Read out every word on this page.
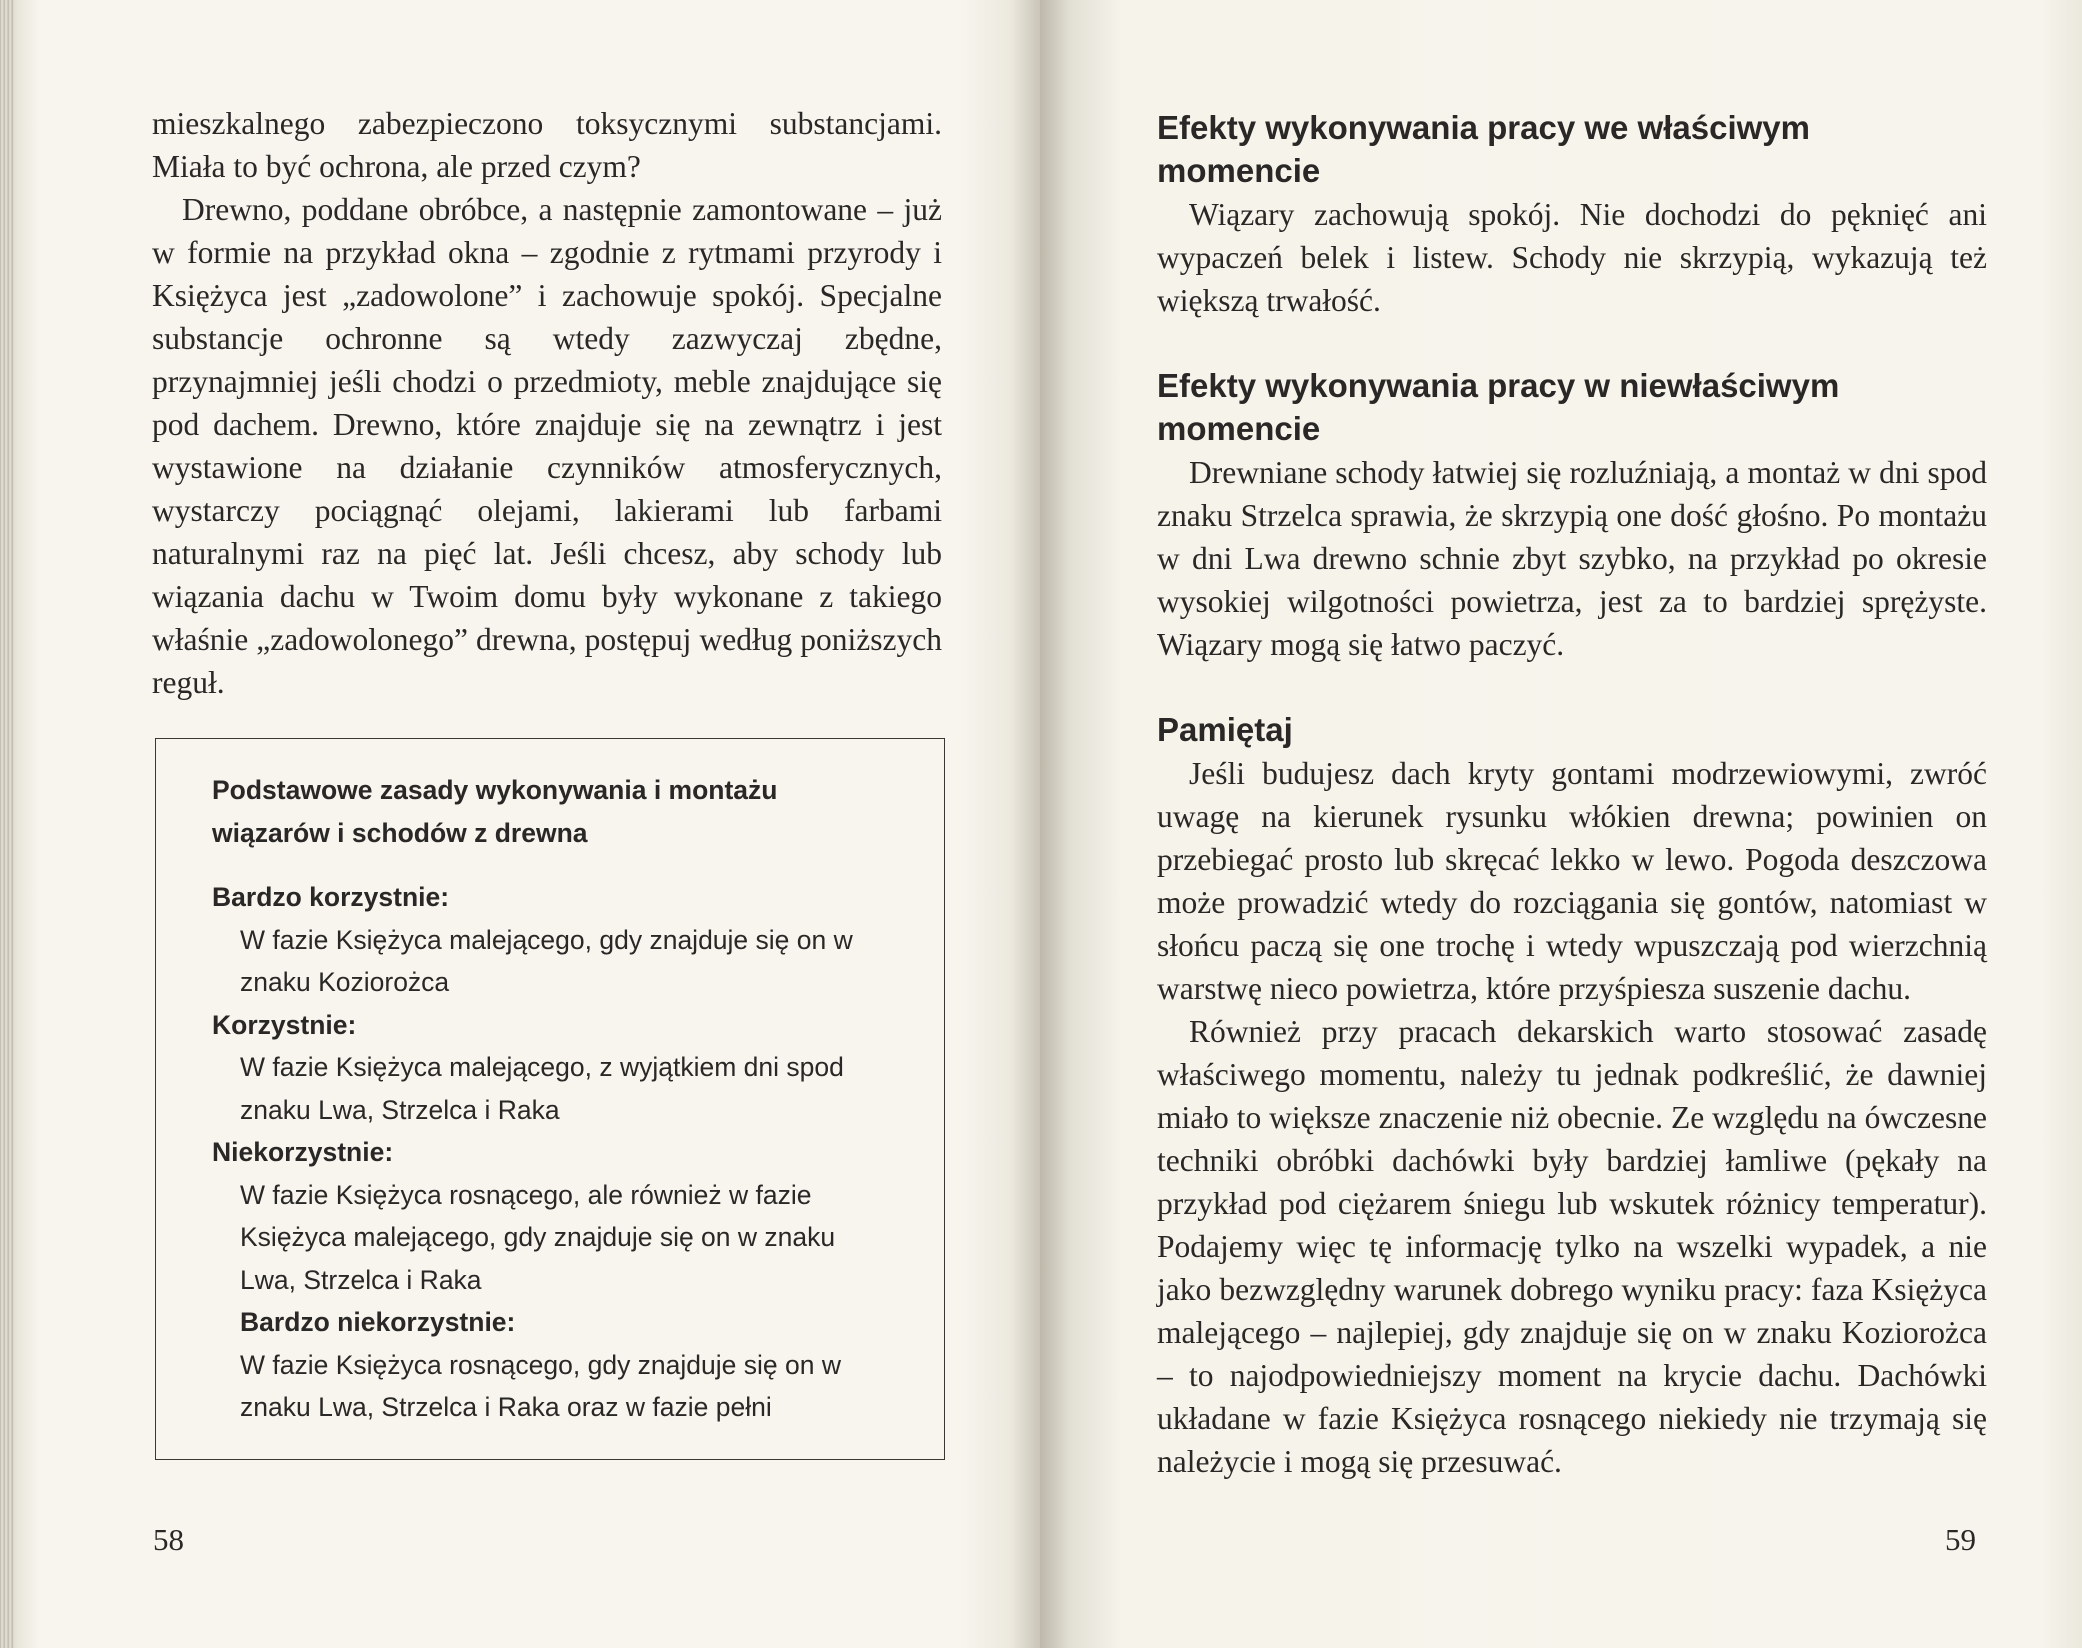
mieszkalnego zabezpieczono toksycznymi substancjami. Miała to być ochrona, ale przed czym?

Drewno, poddane obróbce, a następnie zamontowane – już w formie na przykład okna – zgodnie z rytmami przyrody i Księżyca jest „zadowolone” i zachowuje spokój. Specjalne substancje ochronne są wtedy zazwyczaj zbędne, przynajmniej jeśli chodzi o przedmioty, meble znajdujące się pod dachem. Drewno, które znajduje się na zewnątrz i jest wystawione na działanie czynników atmosferycznych, wystarczy pociągnąć olejami, lakierami lub farbami naturalnymi raz na pięć lat. Jeśli chcesz, aby schody lub wiązania dachu w Twoim domu były wykonane z takiego właśnie „zadowolonego” drewna, postępuj według poniższych reguł.

Podstawowe zasady wykonywania i montażu wiązarów i schodów z drewna
Bardzo korzystnie:
W fazie Księżyca malejącego, gdy znajduje się on w znaku Koziorożca
Korzystnie:
W fazie Księżyca malejącego, z wyjątkiem dni spod znaku Lwa, Strzelca i Raka
Niekorzystnie:
W fazie Księżyca rosnącego, ale również w fazie Księżyca malejącego, gdy znajduje się on w znaku Lwa, Strzelca i Raka
Bardzo niekorzystnie:
W fazie Księżyca rosnącego, gdy znajduje się on w znaku Lwa, Strzelca i Raka oraz w fazie pełni
58
Efekty wykonywania pracy we właściwym momencie

Wiązary zachowują spokój. Nie dochodzi do pęknięć ani wypaczeń belek i listew. Schody nie skrzypią, wykazują też większą trwałość.

Efekty wykonywania pracy w niewłaściwym momencie

Drewniane schody łatwiej się rozluźniają, a montaż w dni spod znaku Strzelca sprawia, że skrzypią one dość głośno. Po montażu w dni Lwa drewno schnie zbyt szybko, na przykład po okresie wysokiej wilgotności powietrza, jest za to bardziej sprężyste. Wiązary mogą się łatwo paczyć.

Pamiętaj

Jeśli budujesz dach kryty gontami modrzewiowymi, zwróć uwagę na kierunek rysunku włókien drewna; powinien on przebiegać prosto lub skręcać lekko w lewo. Pogoda deszczowa może prowadzić wtedy do rozciągania się gontów, natomiast w słońcu paczą się one trochę i wtedy wpuszczają pod wierzchnią warstwę nieco powietrza, które przyśpiesza suszenie dachu.

Również przy pracach dekarskich warto stosować zasadę właściwego momentu, należy tu jednak podkreślić, że dawniej miało to większe znaczenie niż obecnie. Ze względu na ówczesne techniki obróbki dachówki były bardziej łamliwe (pękały na przykład pod ciężarem śniegu lub wskutek różnicy temperatur). Podajemy więc tę informację tylko na wszelki wypadek, a nie jako bezwzględny warunek dobrego wyniku pracy: faza Księżyca malejącego – najlepiej, gdy znajduje się on w znaku Koziorożca – to najodpowiedniejszy moment na krycie dachu. Dachówki układane w fazie Księżyca rosnącego niekiedy nie trzymają się należycie i mogą się przesuwać.

59
